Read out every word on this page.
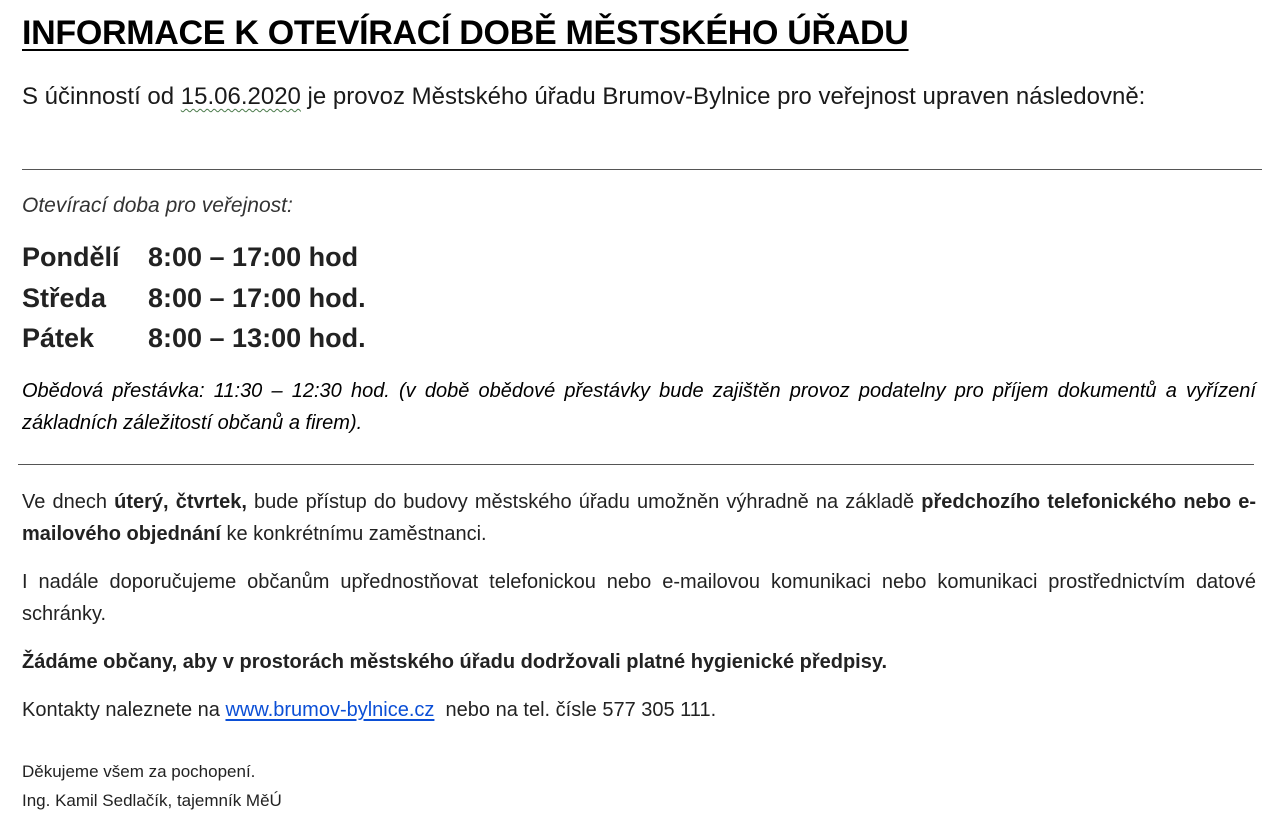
INFORMACE K OTEVÍRACÍ DOBĚ MĚSTSKÉHO ÚŘADU

S účinností od 15.06.2020 je provoz Městského úřadu Brumov-Bylnice pro veřejnost upraven následovně:

Otevírací doba pro veřejnost:

Pondělí 8:00 – 17:00 hod

Středa 8:00 – 17:00 hod.

Pátek 8:00 – 13:00 hod.

Obědová přestávka: 11:30 – 12:30 hod. (v době obědové přestávky bude zajištěn provoz podatelny pro příjem dokumentů a vyřízení základních záležitostí občanů a firem).

Ve dnech úterý, čtvrtek, bude přístup do budovy městského úřadu umožněn výhradně na základě předchozího telefonického nebo e-mailového objednání ke konkrétnímu zaměstnanci.

I nadále doporučujeme občanům upřednostňovat telefonickou nebo e-mailovou komunikaci nebo komunikaci prostřednictvím datové schránky.

Žádáme občany, aby v prostorách městského úřadu dodržovali platné hygienické předpisy.

Kontakty naleznete na www.brumov-bylnice.cz  nebo na tel. čísle 577 305 111.

Děkujeme všem za pochopení.

Ing. Kamil Sedlačík, tajemník MěÚ
